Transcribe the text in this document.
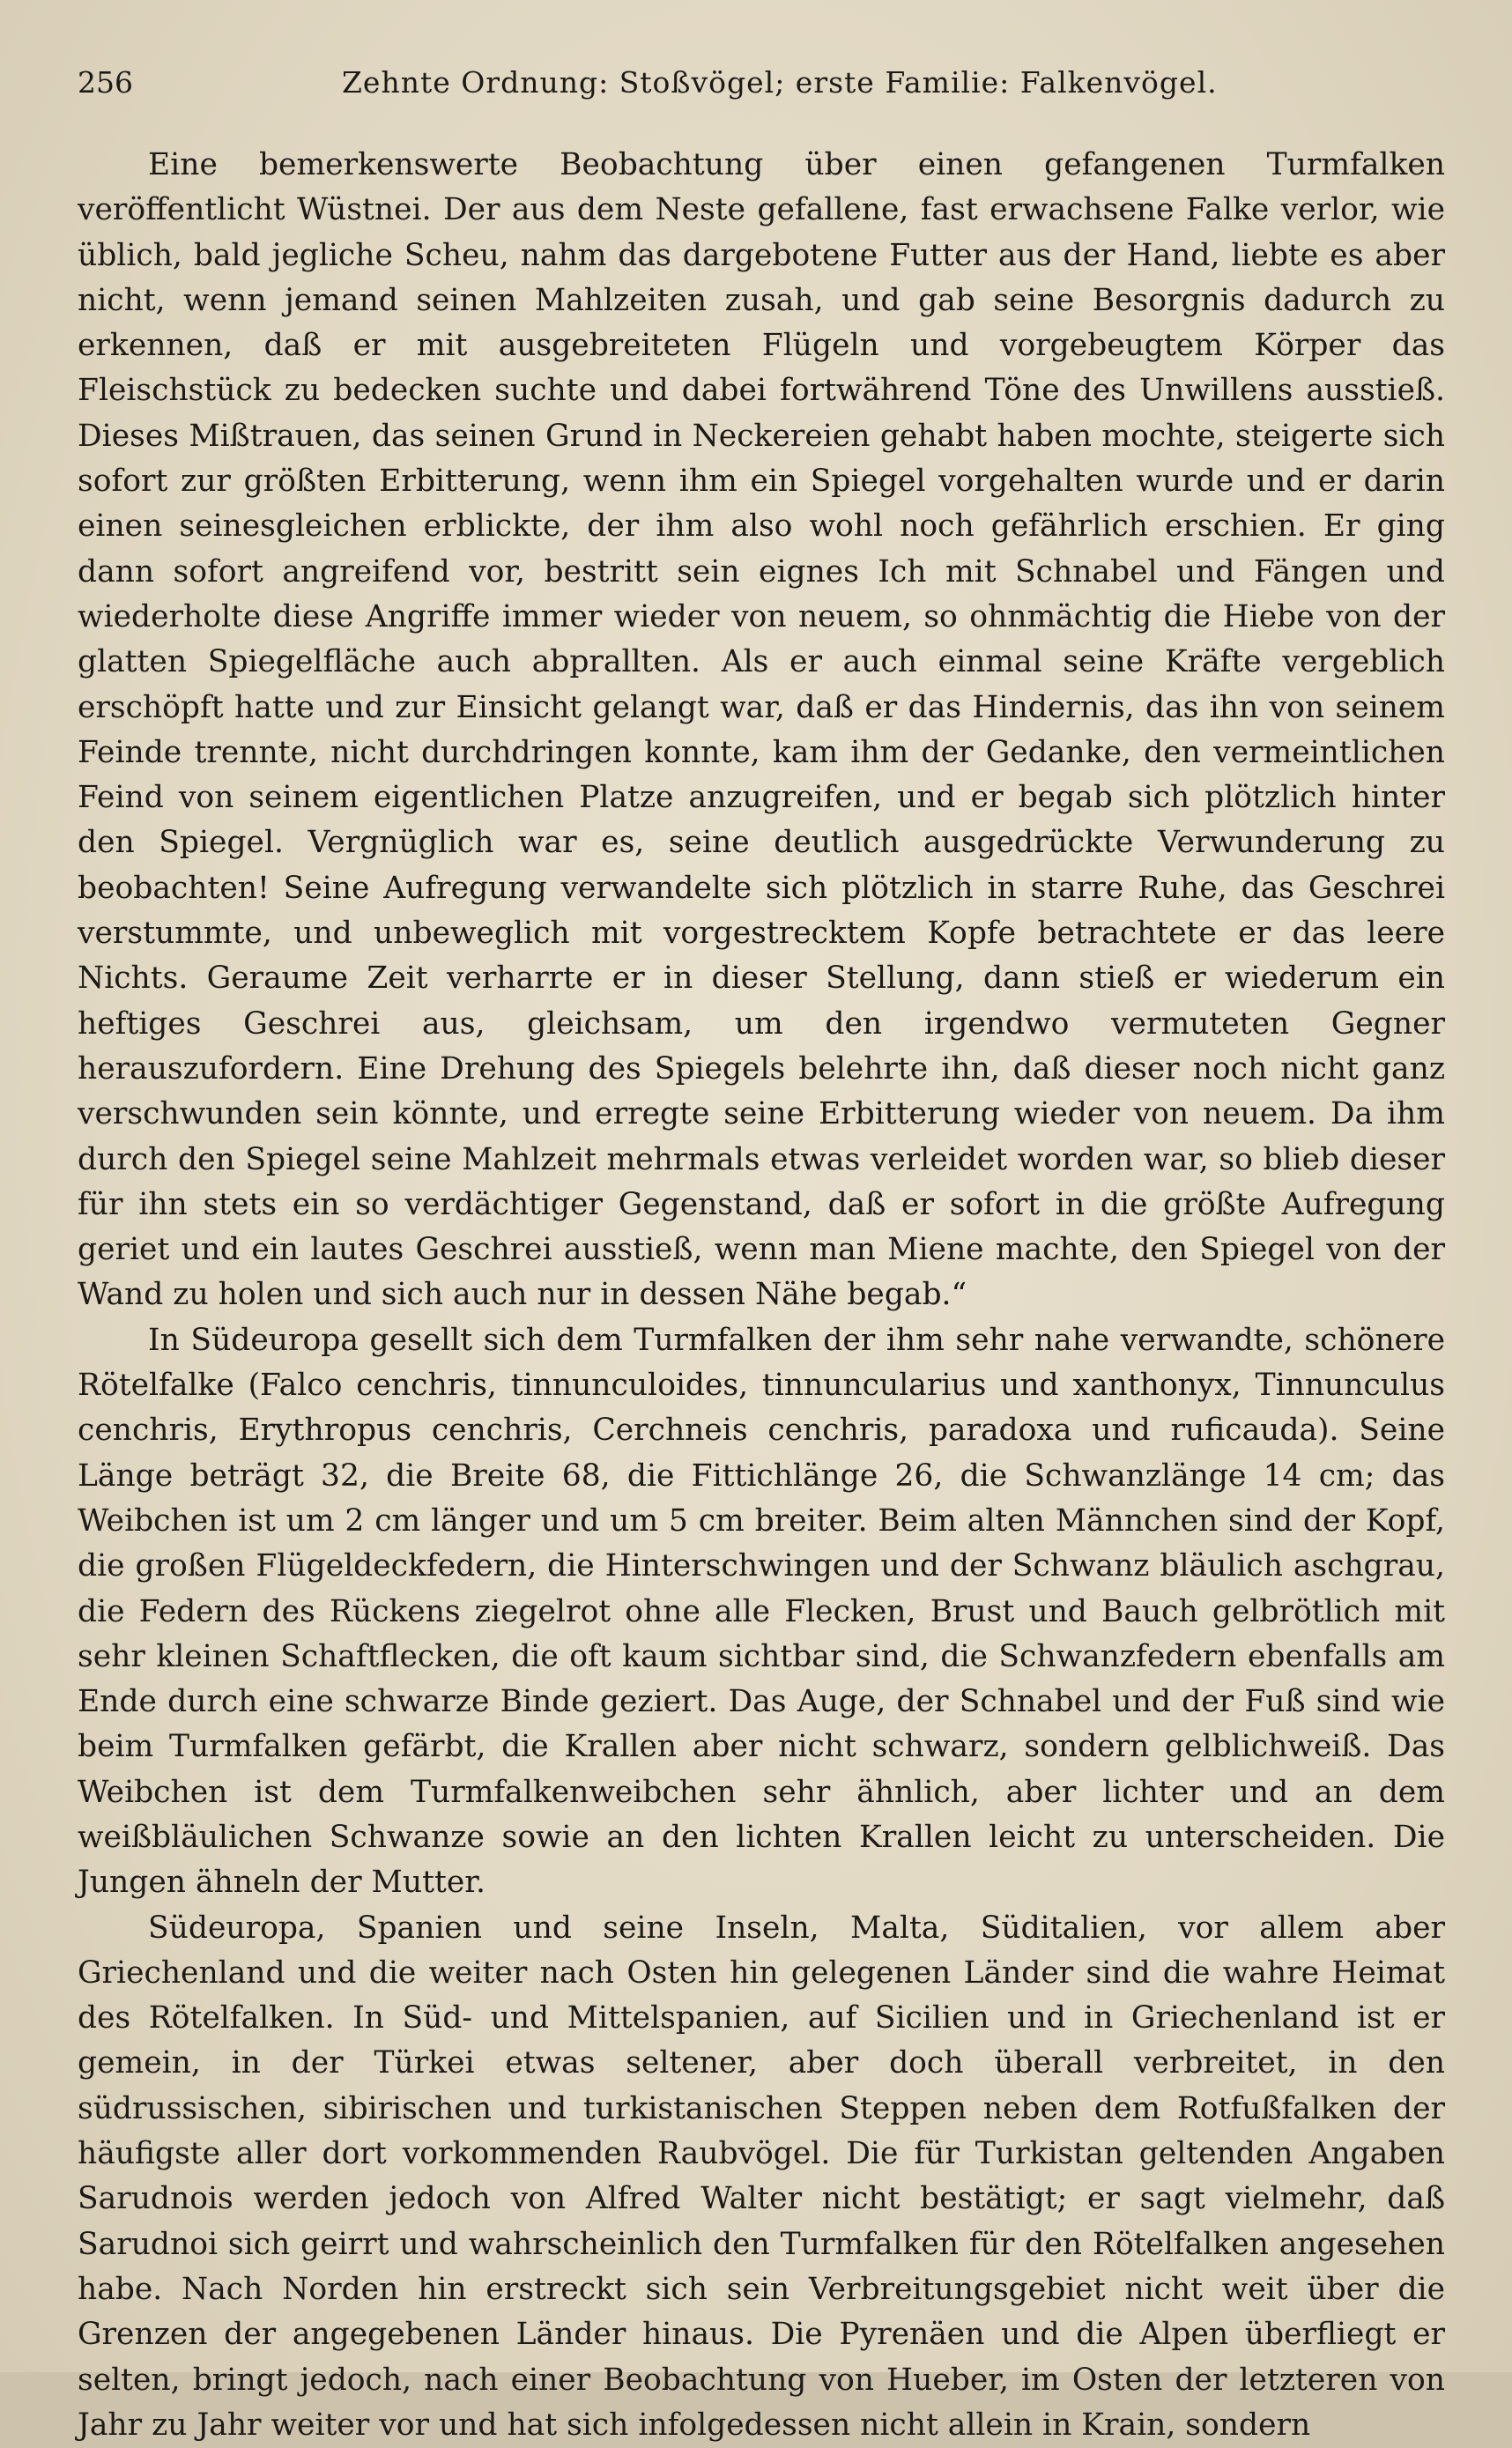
256	Zehnte Ordnung: Stoßvögel; erste Familie: Falkenvögel.

Eine bemerkenswerte Beobachtung über einen gefangenen Turmfalken veröffentlicht Wüstnei. Der aus dem Neste gefallene, fast erwachsene Falke verlor, wie üblich, bald jegliche Scheu, nahm das dargebotene Futter aus der Hand, liebte es aber nicht, wenn jemand seinen Mahlzeiten zusah, und gab seine Besorgnis dadurch zu erkennen, daß er mit ausgebreiteten Flügeln und vorgebeugtem Körper das Fleischstück zu bedecken suchte und dabei fortwährend Töne des Unwillens ausstieß. Dieses Mißtrauen, das seinen Grund in Neckereien gehabt haben mochte, steigerte sich sofort zur größten Erbitterung, wenn ihm ein Spiegel vorgehalten wurde und er darin einen seinesgleichen erblickte, der ihm also wohl noch gefährlich erschien. Er ging dann sofort angreifend vor, bestritt sein eignes Ich mit Schnabel und Fängen und wiederholte diese Angriffe immer wieder von neuem, so ohnmächtig die Hiebe von der glatten Spiegelfläche auch abprallten. Als er auch einmal seine Kräfte vergeblich erschöpft hatte und zur Einsicht gelangt war, daß er das Hindernis, das ihn von seinem Feinde trennte, nicht durchdringen konnte, kam ihm der Gedanke, den vermeintlichen Feind von seinem eigentlichen Platze anzugreifen, und er begab sich plötzlich hinter den Spiegel. Vergnüglich war es, seine deutlich ausgedrückte Verwunderung zu beobachten! Seine Aufregung verwandelte sich plötzlich in starre Ruhe, das Geschrei verstummte, und unbeweglich mit vorgestrecktem Kopfe betrachtete er das leere Nichts. Geraume Zeit verharrte er in dieser Stellung, dann stieß er wiederum ein heftiges Geschrei aus, gleichsam, um den irgendwo vermuteten Gegner herauszufordern. Eine Drehung des Spiegels belehrte ihn, daß dieser noch nicht ganz verschwunden sein könnte, und erregte seine Erbitterung wieder von neuem. Da ihm durch den Spiegel seine Mahlzeit mehrmals etwas verleidet worden war, so blieb dieser für ihn stets ein so verdächtiger Gegenstand, daß er sofort in die größte Aufregung geriet und ein lautes Geschrei ausstieß, wenn man Miene machte, den Spiegel von der Wand zu holen und sich auch nur in dessen Nähe begab.“

In Südeuropa gesellt sich dem Turmfalken der ihm sehr nahe verwandte, schönere Rötelfalke (Falco cenchris, tinnunculoides, tinnuncularius und xanthonyx, Tinnunculus cenchris, Erythropus cenchris, Cerchneis cenchris, paradoxa und ruficauda). Seine Länge beträgt 32, die Breite 68, die Fittichlänge 26, die Schwanzlänge 14 cm; das Weibchen ist um 2 cm länger und um 5 cm breiter. Beim alten Männchen sind der Kopf, die großen Flügeldeckfedern, die Hinterschwingen und der Schwanz bläulich aschgrau, die Federn des Rückens ziegelrot ohne alle Flecken, Brust und Bauch gelbrötlich mit sehr kleinen Schaftflecken, die oft kaum sichtbar sind, die Schwanzfedern ebenfalls am Ende durch eine schwarze Binde geziert. Das Auge, der Schnabel und der Fuß sind wie beim Turmfalken gefärbt, die Krallen aber nicht schwarz, sondern gelblichweiß. Das Weibchen ist dem Turmfalkenweibchen sehr ähnlich, aber lichter und an dem weißbläulichen Schwanze sowie an den lichten Krallen leicht zu unterscheiden. Die Jungen ähneln der Mutter.

Südeuropa, Spanien und seine Inseln, Malta, Süditalien, vor allem aber Griechenland und die weiter nach Osten hin gelegenen Länder sind die wahre Heimat des Rötelfalken. In Süd- und Mittelspanien, auf Sicilien und in Griechenland ist er gemein, in der Türkei etwas seltener, aber doch überall verbreitet, in den südrussischen, sibirischen und turkistanischen Steppen neben dem Rotfußfalken der häufigste aller dort vorkommenden Raubvögel. Die für Turkistan geltenden Angaben Sarudnois werden jedoch von Alfred Walter nicht bestätigt; er sagt vielmehr, daß Sarudnoi sich geirrt und wahrscheinlich den Turmfalken für den Rötelfalken angesehen habe. Nach Norden hin erstreckt sich sein Verbreitungsgebiet nicht weit über die Grenzen der angegebenen Länder hinaus. Die Pyrenäen und die Alpen überfliegt er selten, bringt jedoch, nach einer Beobachtung von Hueber, im Osten der letzteren von Jahr zu Jahr weiter vor und hat sich infolgedessen nicht allein in Krain, sondern
